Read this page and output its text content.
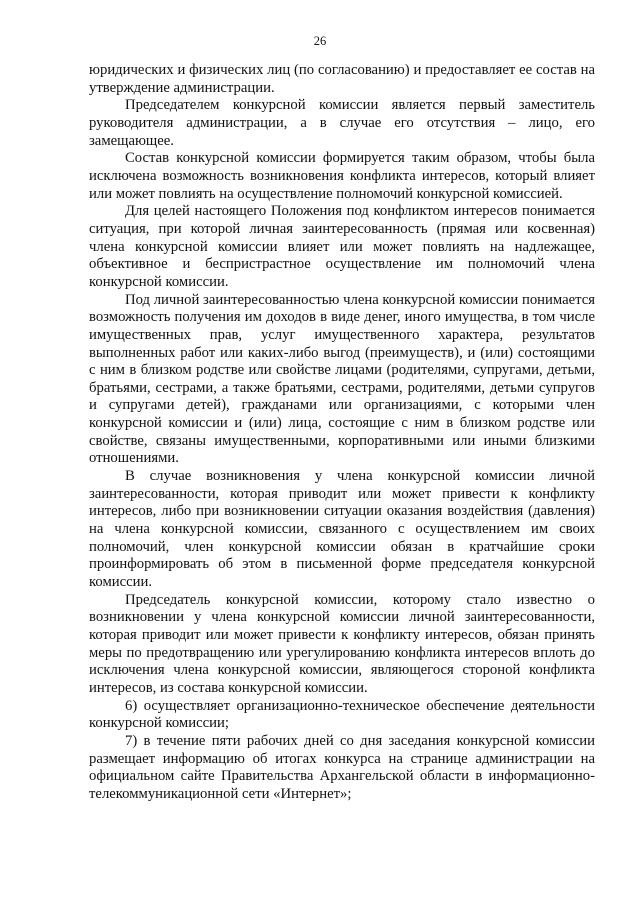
26

юридических и физических лиц (по согласованию) и предоставляет ее состав на утверждение администрации.

Председателем конкурсной комиссии является первый заместитель руководителя администрации, а в случае его отсутствия – лицо, его замещающее.

Состав конкурсной комиссии формируется таким образом, чтобы была исключена возможность возникновения конфликта интересов, который влияет или может повлиять на осуществление полномочий конкурсной комиссией.

Для целей настоящего Положения под конфликтом интересов понимается ситуация, при которой личная заинтересованность (прямая или косвенная) члена конкурсной комиссии влияет или может повлиять на надлежащее, объективное и беспристрастное осуществление им полномочий члена конкурсной комиссии.

Под личной заинтересованностью члена конкурсной комиссии понимается возможность получения им доходов в виде денег, иного имущества, в том числе имущественных прав, услуг имущественного характера, результатов выполненных работ или каких-либо выгод (преимуществ), и (или) состоящими с ним в близком родстве или свойстве лицами (родителями, супругами, детьми, братьями, сестрами, а также братьями, сестрами, родителями, детьми супругов и супругами детей), гражданами или организациями, с которыми член конкурсной комиссии и (или) лица, состоящие с ним в близком родстве или свойстве, связаны имущественными, корпоративными или иными близкими отношениями.

В случае возникновения у члена конкурсной комиссии личной заинтересованности, которая приводит или может привести к конфликту интересов, либо при возникновении ситуации оказания воздействия (давления) на члена конкурсной комиссии, связанного с осуществлением им своих полномочий, член конкурсной комиссии обязан в кратчайшие сроки проинформировать об этом в письменной форме председателя конкурсной комиссии.

Председатель конкурсной комиссии, которому стало известно о возникновении у члена конкурсной комиссии личной заинтересованности, которая приводит или может привести к конфликту интересов, обязан принять меры по предотвращению или урегулированию конфликта интересов вплоть до исключения члена конкурсной комиссии, являющегося стороной конфликта интересов, из состава конкурсной комиссии.

6) осуществляет организационно-техническое обеспечение деятельности конкурсной комиссии;

7) в течение пяти рабочих дней со дня заседания конкурсной комиссии размещает информацию об итогах конкурса на странице администрации на официальном сайте Правительства Архангельской области в информационно-телекоммуникационной сети «Интернет»;
